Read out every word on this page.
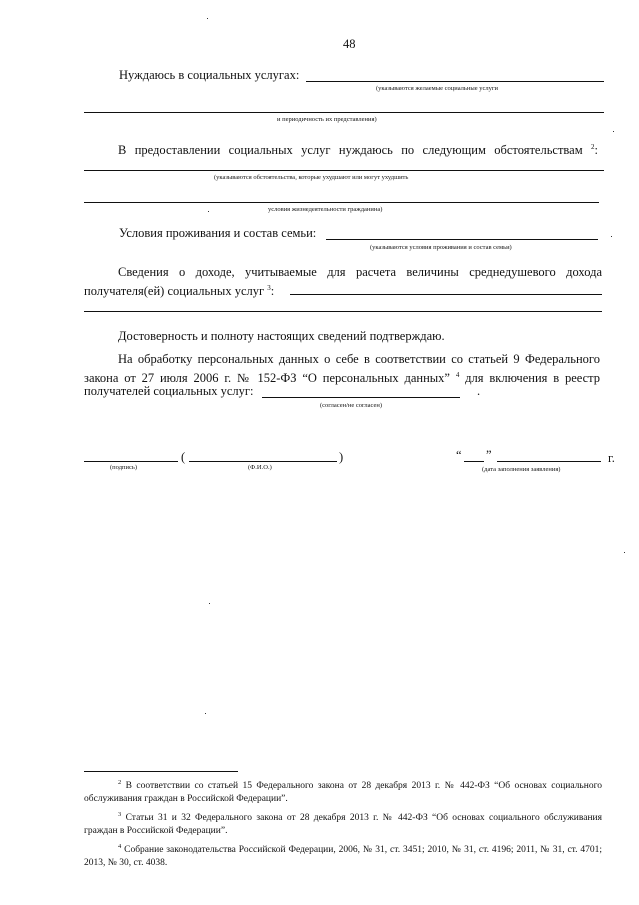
48
Нуждаюсь в социальных услугах:
(указываются желаемые социальные услуги
и периодичность их представления)
В предоставлении социальных услуг нуждаюсь по следующим обстоятельствам $^2$:
(указываются обстоятельства, которые ухудшают или могут ухудшить
условия жизнедеятельности гражданина)
Условия проживания и состав семьи:
(указываются условия проживания и состав семьи)
Сведения о доходе, учитываемые для расчета величины среднедушевого дохода
получателя(ей) социальных услуг $^3$:
Достоверность и полноту настоящих сведений подтверждаю.
На обработку персональных данных о себе в соответствии со статьей 9 Федерального
закона от 27 июля 2006 г. № 152-ФЗ “О персональных данных” $^4$ для включения в реестр
получателей социальных услуг:	.
(согласен/не согласен)
(	)
(подпись)	(Ф.И.О.)
“ ”	г.
(дата заполнения заявления)

$^2$ В соответствии со статьей 15 Федерального закона от 28 декабря 2013 г. № 442-ФЗ “Об основах социального обслуживания граждан в Российской Федерации”.

$^3$ Статьи 31 и 32 Федерального закона от 28 декабря 2013 г. № 442-ФЗ “Об основах социального обслуживания граждан в Российской Федерации”.

$^4$ Собрание законодательства Российской Федерации, 2006, № 31, ст. 3451; 2010, № 31, ст. 4196; 2011, № 31, ст. 4701; 2013, № 30, ст. 4038.
